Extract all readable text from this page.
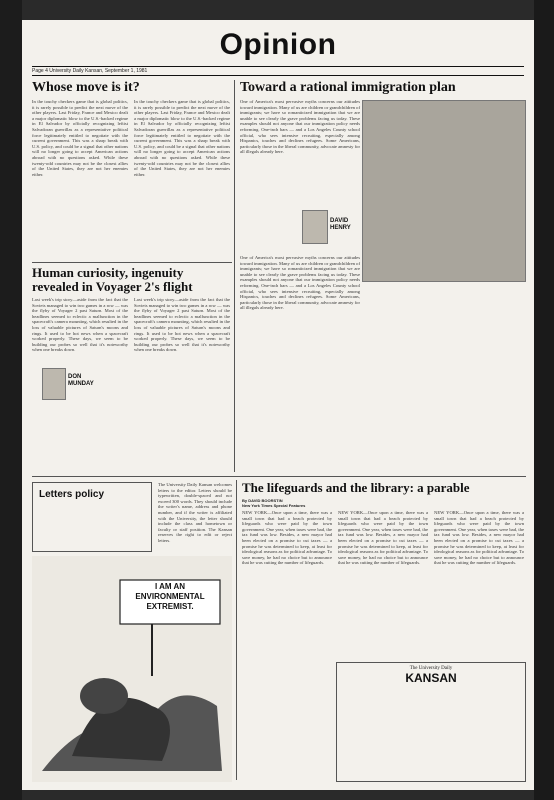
Opinion
Page 4 University Daily Kansan, September 1, 1981

Whose move is it?

In the touchy checkers game that is global politics, it is rarely possible to predict the next move of the other players. Last Friday, France and Mexico dealt a major diplomatic blow to the U.S.-backed regime in El Salvador by officially recognizing leftist Salvadoran guerrillas as a representative political force legitimately entitled to negotiate with the current government. This was a sharp break with U.S. policy, and could be a signal that other nations will no longer going to accept American actions abroad with no questions asked. While these twenty-odd countries may not be the closest allies of the United States, they are not her enemies either.

In the touchy checkers game that is global politics, it is rarely possible to predict the next move of the other players. Last Friday, France and Mexico dealt a major diplomatic blow to the U.S.-backed regime in El Salvador by officially recognizing leftist Salvadoran guerrillas as a representative political force legitimately entitled to negotiate with the current government. This was a sharp break with U.S. policy, and could be a signal that other nations will no longer going to accept American actions abroad with no questions asked. While these twenty-odd countries may not be the closest allies of the United States, they are not her enemies either.

Toward a rational immigration plan

One of America's most pervasive myths concerns our attitudes toward immigration. Many of us are children or grandchildren of immigrants; we have so romanticized immigration that we are unable to see clearly the grave problems facing us today. These examples should not anyone that our immigration policy needs reforming. One-inch bars — and a Los Angeles County school official, who sees intensive recruiting, especially among Hispanics, touches and declines refugees. Some Americans, particularly those in the liberal community, advocate amnesty for all illegals already here.

One of America's most pervasive myths concerns our attitudes toward immigration. Many of us are children or grandchildren of immigrants; we have so romanticized immigration that we are unable to see clearly the grave problems facing us today. These examples should not anyone that our immigration policy needs reforming. One-inch bars — and a Los Angeles County school official, who sees intensive recruiting, especially among Hispanics, touches and declines refugees. Some Americans, particularly those in the liberal community, advocate amnesty for all illegals already here.

DAVID
HENRY

Human curiosity, ingenuity revealed in Voyager 2's flight

Last week's trip story—aside from the fact that the Soviets managed to win two games in a row — was the flyby of Voyager 2 past Saturn. Most of the headlines seemed to eclectic a malfunction in the spacecraft's camera mounting, which resulted in the loss of valuable pictures of Saturn's moons and rings. It used to be hot news when a spacecraft worked properly. These days, we seem to be building our probes so well that it's noteworthy when one breaks down.

Last week's trip story—aside from the fact that the Soviets managed to win two games in a row — was the flyby of Voyager 2 past Saturn. Most of the headlines seemed to eclectic a malfunction in the spacecraft's camera mounting, which resulted in the loss of valuable pictures of Saturn's moons and rings. It used to be hot news when a spacecraft worked properly. These days, we seem to be building our probes so well that it's noteworthy when one breaks down.

DON
MUNDAY

Letters policy

The University Daily Kansan welcomes letters to the editor. Letters should be typewritten, double-spaced and not exceed 300 words. They should include the writer's name, address and phone number, and if the writer is affiliated with the University, the letter should include the class and hometown or faculty or staff position. The Kansan reserves the right to edit or reject letters.

I AM AN
ENVIRONMENTAL
EXTREMIST.

The lifeguards and the library: a parable

By DAVID BOORSTIN
New York Times Special Features

NEW YORK—Once upon a time, there was a small town that had a beach protected by lifeguards who were paid by the town government. One year, when taxes were bad, the tax fund was low. Besides, a new mayor had been elected on a promise to cut taxes — a promise he was determined to keep, at least for ideological reasons as for political advantage. To save money, he had no choice but to announce that he was cutting the number of lifeguards.

NEW YORK—Once upon a time, there was a small town that had a beach protected by lifeguards who were paid by the town government. One year, when taxes were bad, the tax fund was low. Besides, a new mayor had been elected on a promise to cut taxes — a promise he was determined to keep, at least for ideological reasons as for political advantage. To save money, he had no choice but to announce that he was cutting the number of lifeguards.

NEW YORK—Once upon a time, there was a small town that had a beach protected by lifeguards who were paid by the town government. One year, when taxes were bad, the tax fund was low. Besides, a new mayor had been elected on a promise to cut taxes — a promise he was determined to keep, at least for ideological reasons as for political advantage. To save money, he had no choice but to announce that he was cutting the number of lifeguards.

The University Daily
KANSAN
